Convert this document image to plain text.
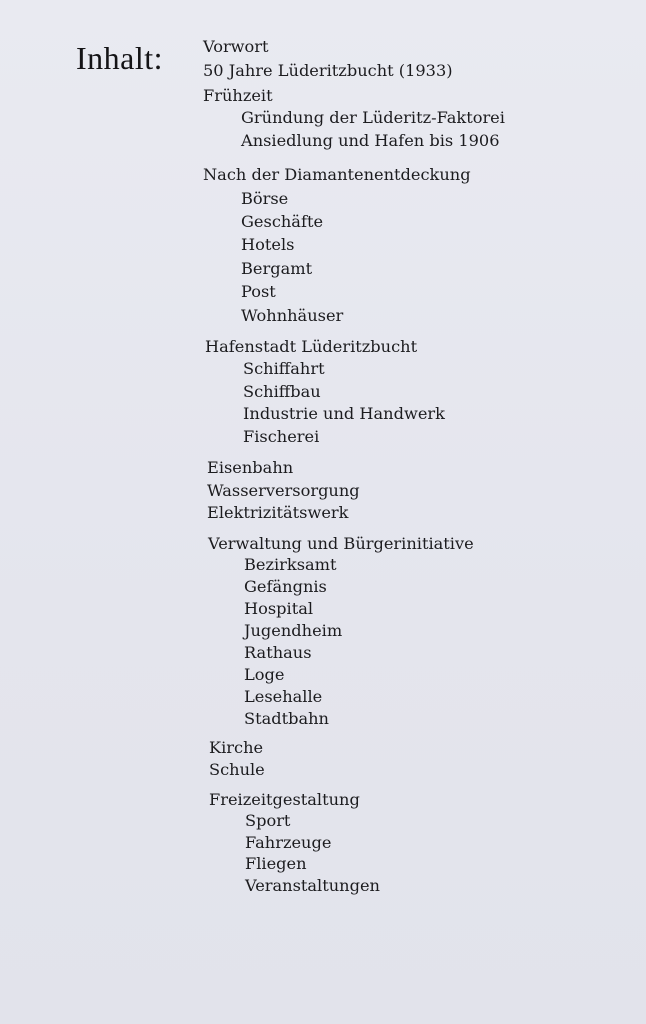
Inhalt: Vorwort
50 Jahre Lüderitzbucht (1933)
Frühzeit
Gründung der Lüderitz-Faktorei
Ansiedlung und Hafen bis 1906
Nach der Diamantenentdeckung
Börse
Geschäfte
Hotels
Bergamt
Post
Wohnhäuser
Hafenstadt Lüderitzbucht
Schiffahrt
Schiffbau
Industrie und Handwerk
Fischerei
Eisenbahn
Wasserversorgung
Elektrizitätswerk
Verwaltung und Bürgerinitiative
Bezirksamt
Gefängnis
Hospital
Jugendheim
Rathaus
Loge
Lesehalle
Stadtbahn
Kirche
Schule
Freizeitgestaltung
Sport
Fahrzeuge
Fliegen
Veranstaltungen
